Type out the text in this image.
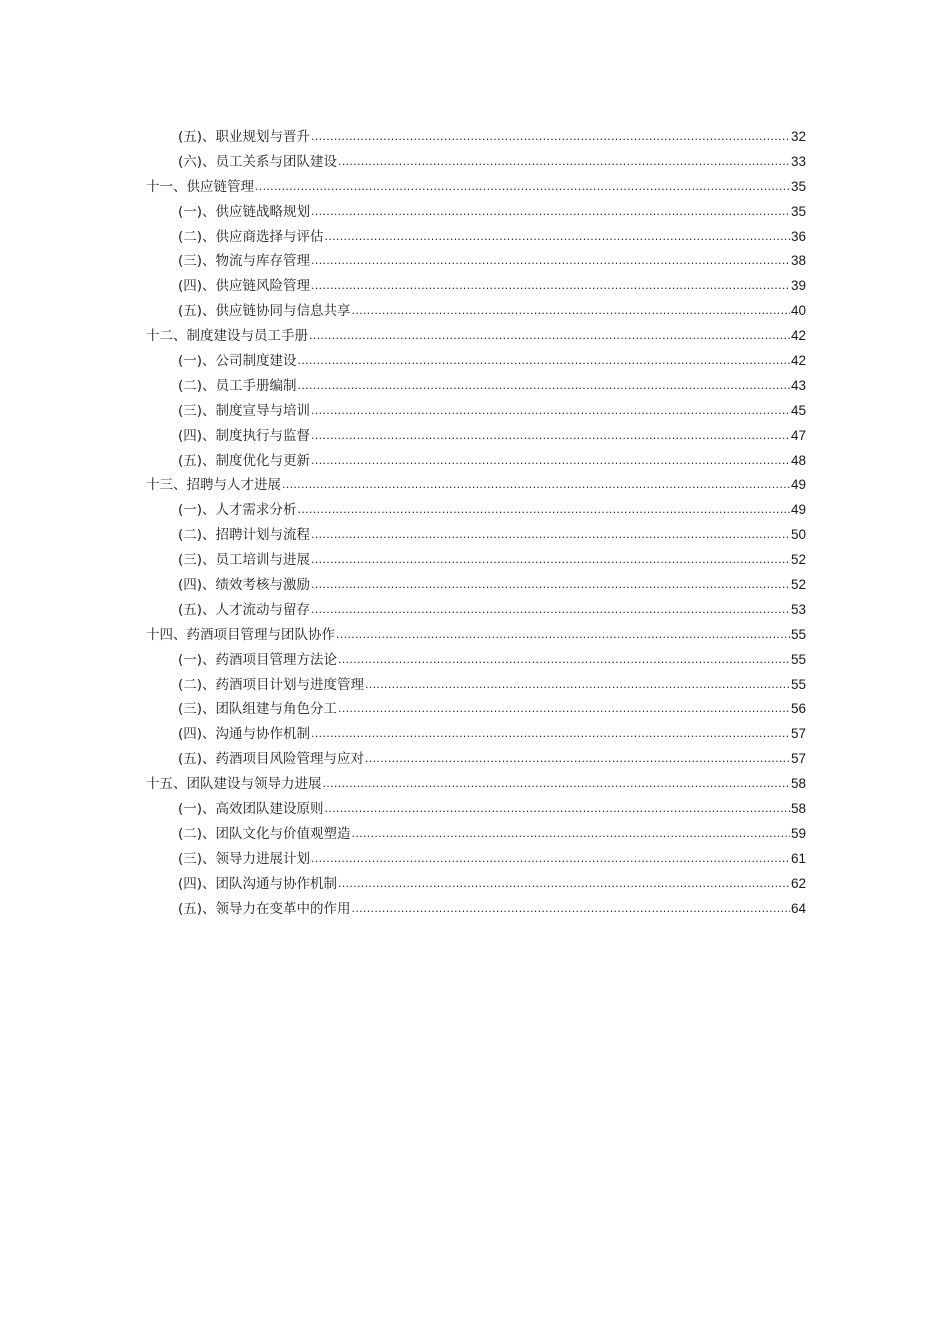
(五)、职业规划与晋升 .....	32
(六)、员工关系与团队建设 .....	33
十一、供应链管理 .....	35
(一)、供应链战略规划 .....	35
(二)、供应商选择与评估 .....	36
(三)、物流与库存管理 .....	38
(四)、供应链风险管理 .....	39
(五)、供应链协同与信息共享 .....	40
十二、制度建设与员工手册 .....	42
(一)、公司制度建设 .....	42
(二)、员工手册编制 .....	43
(三)、制度宣导与培训 .....	45
(四)、制度执行与监督 .....	47
(五)、制度优化与更新 .....	48
十三、招聘与人才进展 .....	49
(一)、人才需求分析 .....	49
(二)、招聘计划与流程 .....	50
(三)、员工培训与进展 .....	52
(四)、绩效考核与激励 .....	52
(五)、人才流动与留存 .....	53
十四、药酒项目管理与团队协作 .....	55
(一)、药酒项目管理方法论 .....	55
(二)、药酒项目计划与进度管理 .....	55
(三)、团队组建与角色分工 .....	56
(四)、沟通与协作机制 .....	57
(五)、药酒项目风险管理与应对 .....	57
十五、团队建设与领导力进展 .....	58
(一)、高效团队建设原则 .....	58
(二)、团队文化与价值观塑造 .....	59
(三)、领导力进展计划 .....	61
(四)、团队沟通与协作机制 .....	62
(五)、领导力在变革中的作用 .....	64
